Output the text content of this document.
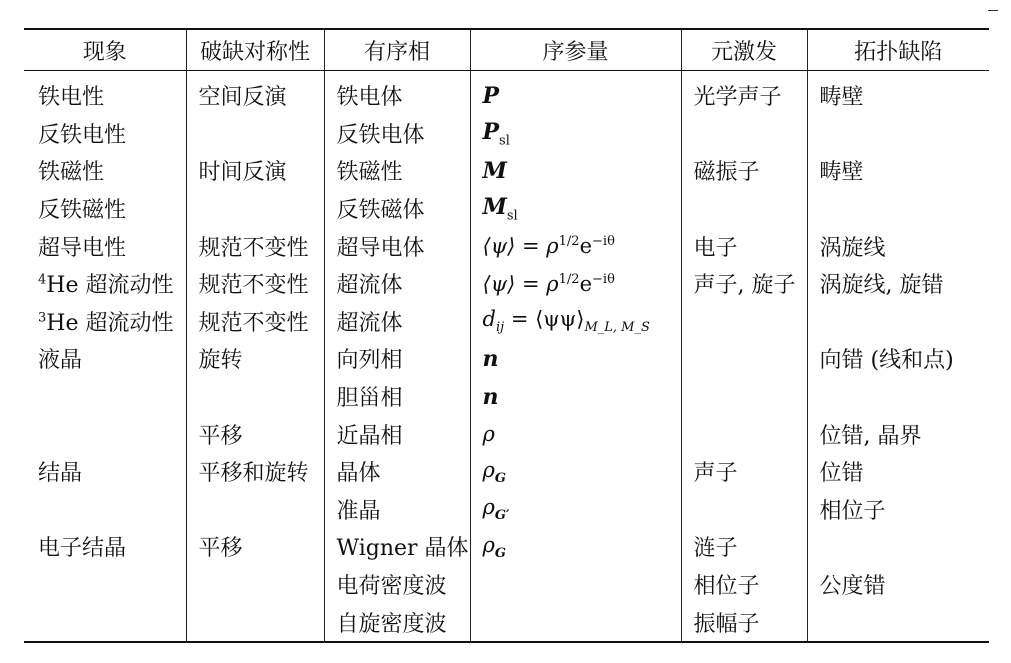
现象	破缺对称性	有序相	序参量	元激发	拓扑缺陷
铁电性	空间反演	铁电体	P	光学声子	畴壁
反铁电性		反铁电体	$P_{sl}$		
铁磁性	时间反演	铁磁性	M	磁振子	畴壁
反铁磁性		反铁磁体	$M_{sl}$		
超导电性	规范不变性	超导电体	⟨ψ⟩ = $\rho^{1/2}e^{-i\theta}$	电子	涡旋线
$^4$He 超流动性	规范不变性	超流体	⟨ψ⟩ = $\rho^{1/2}e^{-i\theta}$	声子, 旋子	涡旋线, 旋错
$^3$He 超流动性	规范不变性	超流体	$d_{ij}$ = $⟨\psi\psi⟩_{M\_L, M\_S}$		
液晶	旋转	向列相	n		向错 (线和点)
		胆甾相	n		
	平移	近晶相	ρ		位错, 晶界
结晶	平移和旋转	晶体	$\rho_G$	声子	位错
		准晶	$\rho_{G'}$		相位子
电子结晶	平移	Wigner 晶体	$\rho_G$	涟子	
		电荷密度波		相位子	公度错
		自旋密度波		振幅子	
